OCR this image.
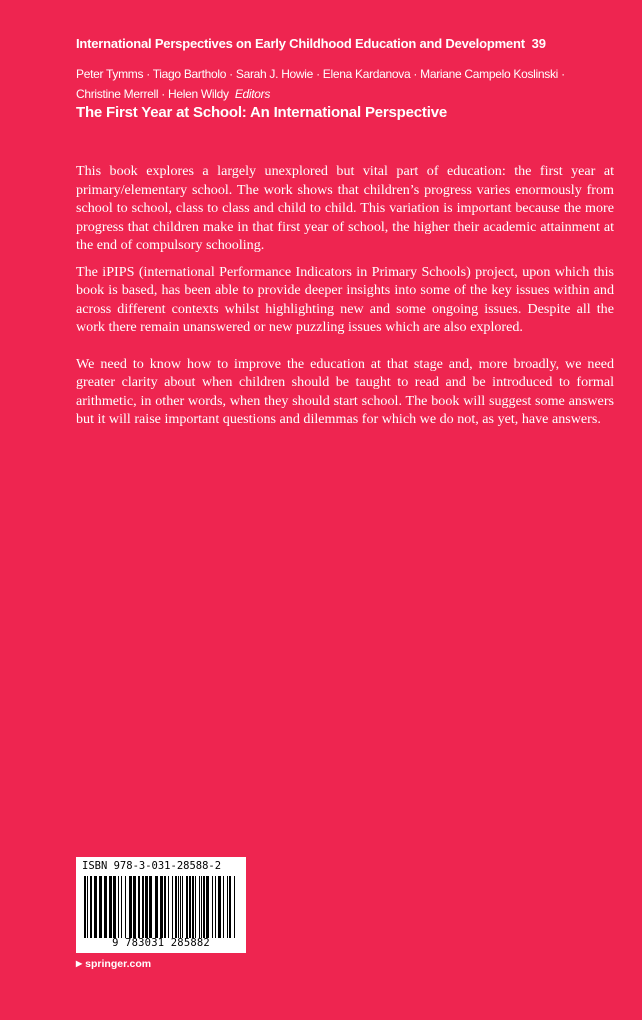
International Perspectives on Early Childhood Education and Development 39
Peter Tymms · Tiago Bartholo · Sarah J. Howie · Elena Kardanova · Mariane Campelo Koslinski ·
Christine Merrell · Helen Wildy Editors
The First Year at School: An International Perspective

This book explores a largely unexplored but vital part of education: the first year at primary/elementary school. The work shows that children’s progress varies enormously from school to school, class to class and child to child. This variation is important because the more progress that children make in that first year of school, the higher their academic attainment at the end of compulsory schooling.

The iPIPS (international Performance Indicators in Primary Schools) project, upon which this book is based, has been able to provide deeper insights into some of the key issues within and across different contexts whilst highlighting new and some ongoing issues. Despite all the work there remain unanswered or new puzzling issues which are also explored.

We need to know how to improve the education at that stage and, more broadly, we need greater clarity about when children should be taught to read and be introduced to formal arithmetic, in other words, when they should start school. The book will suggest some answers but it will raise important questions and dilemmas for which we do not, as yet, have answers.

ISBN 978-3-031-28588-2
9 783031 285882
▶ springer.com
